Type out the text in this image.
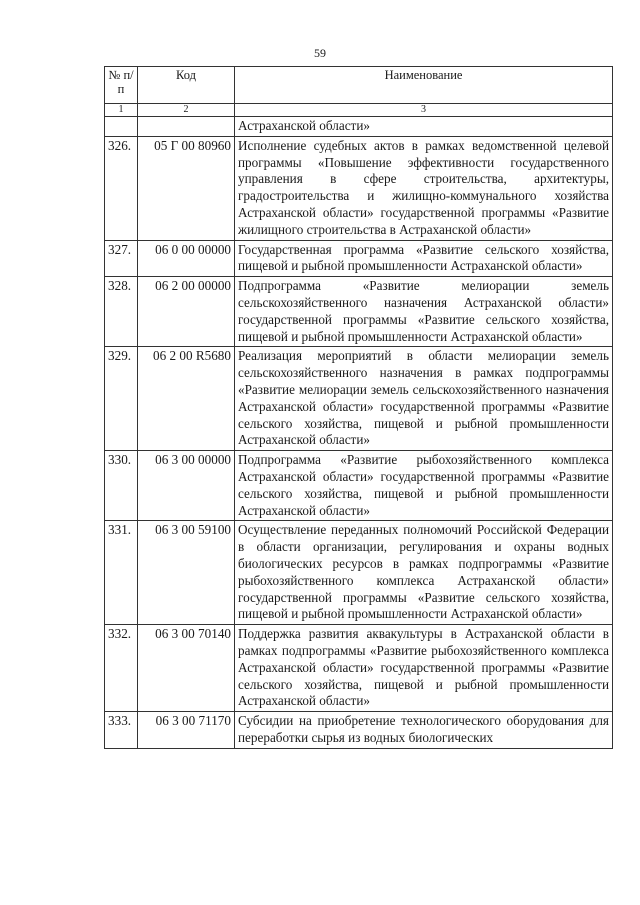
59
№ п/п	Код	Наименование
1	2	3
		Астраханской области»
326.	05 Г 00 80960	Исполнение судебных актов в рамках ведомственной целевой программы «Повышение эффективности государственного управления в сфере строительства, архитектуры, градостроительства и жилищно-коммунального хозяйства Астраханской области» государственной программы «Развитие жилищного строительства в Астраханской области»
327.	06 0 00 00000	Государственная программа «Развитие сельского хозяйства, пищевой и рыбной промышленности Астраханской области»
328.	06 2 00 00000	Подпрограмма «Развитие мелиорации земель сельскохозяйственного назначения Астраханской области» государственной программы «Развитие сельского хозяйства, пищевой и рыбной промышленности Астраханской области»
329.	06 2 00 R5680	Реализация мероприятий в области мелиорации земель сельскохозяйственного назначения в рамках подпрограммы «Развитие мелиорации земель сельскохозяйственного назначения Астраханской области» государственной программы «Развитие сельского хозяйства, пищевой и рыбной промышленности Астраханской области»
330.	06 3 00 00000	Подпрограмма «Развитие рыбохозяйственного комплекса Астраханской области» государственной программы «Развитие сельского хозяйства, пищевой и рыбной промышленности Астраханской области»
331.	06 3 00 59100	Осуществление переданных полномочий Российской Федерации в области организации, регулирования и охраны водных биологических ресурсов в рамках подпрограммы «Развитие рыбохозяйственного комплекса Астраханской области» государственной программы «Развитие сельского хозяйства, пищевой и рыбной промышленности Астраханской области»
332.	06 3 00 70140	Поддержка развития аквакультуры в Астраханской области в рамках подпрограммы «Развитие рыбохозяйственного комплекса Астраханской области» государственной программы «Развитие сельского хозяйства, пищевой и рыбной промышленности Астраханской области»
333.	06 3 00 71170	Субсидии на приобретение технологического оборудования для переработки сырья из водных биологических
